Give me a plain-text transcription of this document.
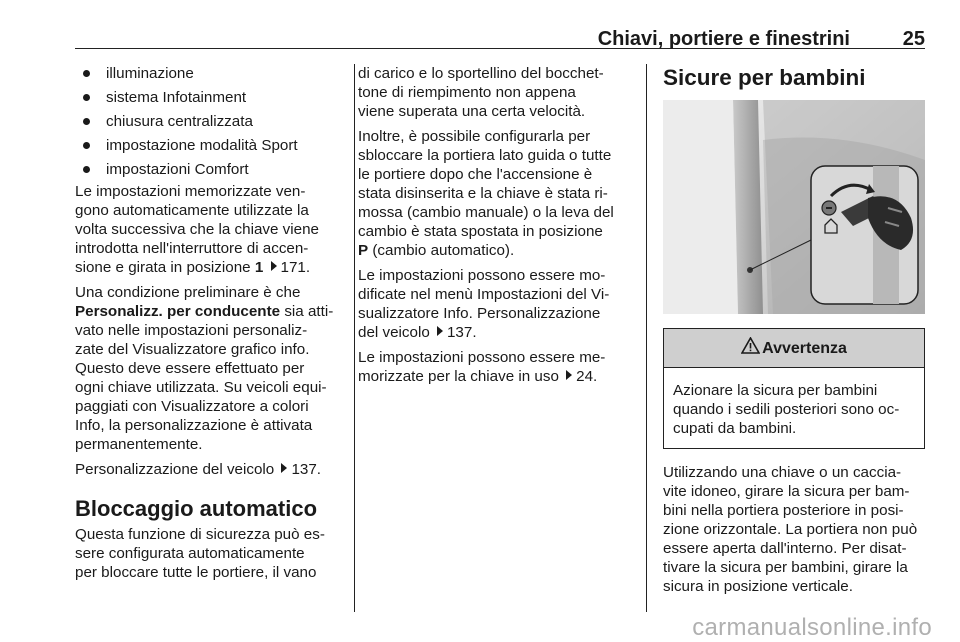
Chiavi, portiere e finestrini	25
illuminazione
sistema Infotainment
chiusura centralizzata
impostazione modalità Sport
impostazioni Comfort

Le impostazioni memorizzate ven-
gono automaticamente utilizzate la
volta successiva che la chiave viene
introdotta nell'interruttore di accen-
sione e girata in posizione 1 171.

Una condizione preliminare è che
Personalizz. per conducente sia atti-
vato nelle impostazioni personaliz-
zate del Visualizzatore grafico info.
Questo deve essere effettuato per
ogni chiave utilizzata. Su veicoli equi-
paggiati con Visualizzatore a colori
Info, la personalizzazione è attivata
permanentemente.

Personalizzazione del veicolo 137.

Bloccaggio automatico

Questa funzione di sicurezza può es-
sere configurata automaticamente
per bloccare tutte le portiere, il vano

di carico e lo sportellino del bocchet-
tone di riempimento non appena
viene superata una certa velocità.

Inoltre, è possibile configurarla per
sbloccare la portiera lato guida o tutte
le portiere dopo che l'accensione è
stata disinserita e la chiave è stata ri-
mossa (cambio manuale) o la leva del
cambio è stata spostata in posizione
P (cambio automatico).

Le impostazioni possono essere mo-
dificate nel menù Impostazioni del Vi-
sualizzatore Info. Personalizzazione
del veicolo 137.

Le impostazioni possono essere me-
morizzate per la chiave in uso 24.

Sicure per bambini
Avvertenza
Azionare la sicura per bambini
quando i sedili posteriori sono oc-
cupati da bambini.

Utilizzando una chiave o un caccia-
vite idoneo, girare la sicura per bam-
bini nella portiera posteriore in posi-
zione orizzontale. La portiera non può
essere aperta dall'interno. Per disat-
tivare la sicura per bambini, girare la
sicura in posizione verticale.

carmanualsonline.info
